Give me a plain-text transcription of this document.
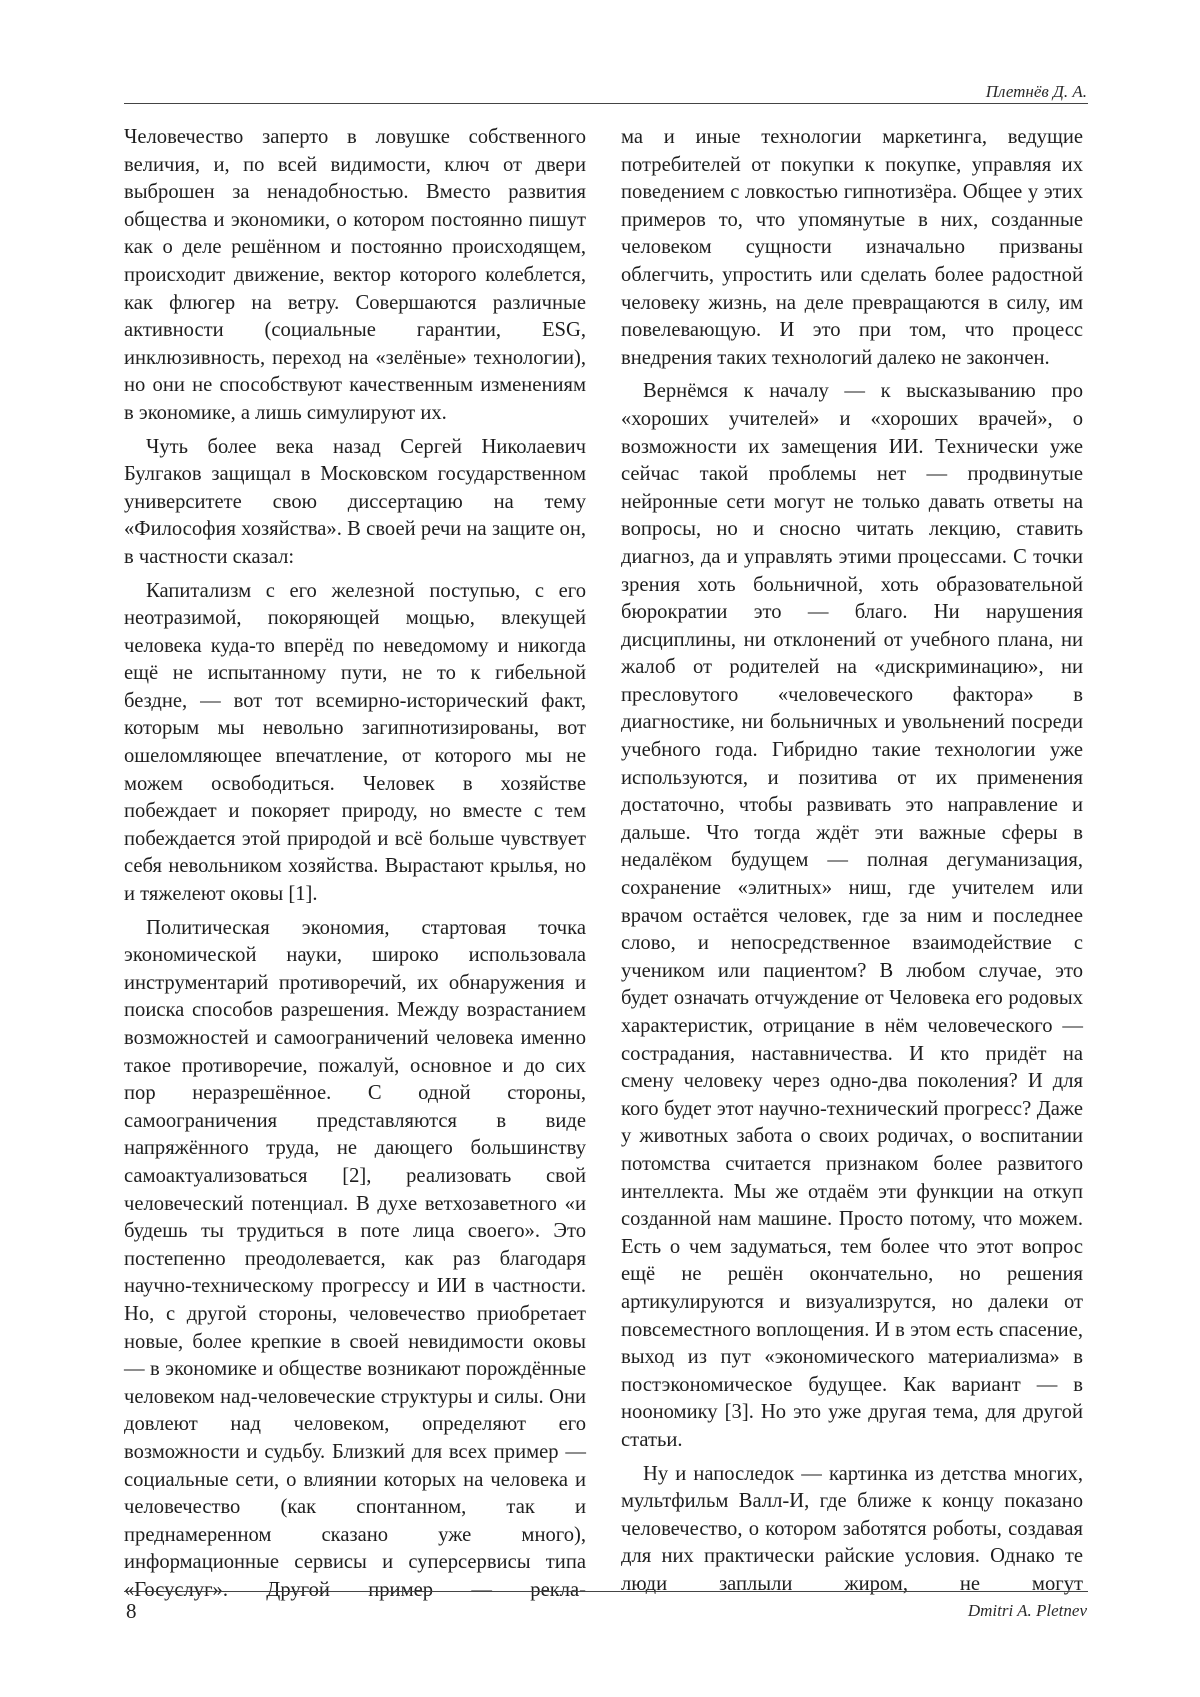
Плетнёв Д. А.

Человечество заперто в ловушке собственного величия, и, по всей видимости, ключ от двери выброшен за ненадобностью. Вместо развития общества и экономики, о котором постоянно пишут как о деле решённом и постоянно происходящем, происходит движение, вектор которого колеблется, как флюгер на ветру. Совершаются различные активности (социальные гарантии, ESG, инклюзивность, переход на «зелёные» технологии), но они не способствуют качественным изменениям в экономике, а лишь симулируют их.

Чуть более века назад Сергей Николаевич Булгаков защищал в Московском государственном университете свою диссертацию на тему «Философия хозяйства». В своей речи на защите он, в частности сказал:

Капитализм с его железной поступью, с его неотразимой, покоряющей мощью, влекущей человека куда-то вперёд по неведомому и никогда ещё не испытанному пути, не то к гибельной бездне, — вот тот всемирно-исторический факт, которым мы невольно загипнотизированы, вот ошеломляющее впечатление, от которого мы не можем освободиться. Человек в хозяйстве побеждает и покоряет природу, но вместе с тем побеждается этой природой и всё больше чувствует себя невольником хозяйства. Вырастают крылья, но и тяжелеют оковы [1].

Политическая экономия, стартовая точка экономической науки, широко использовала инструментарий противоречий, их обнаружения и поиска способов разрешения. Между возрастанием возможностей и самоограничений человека именно такое противоречие, пожалуй, основное и до сих пор неразрешённое. С одной стороны, самоограничения представляются в виде напряжённого труда, не дающего большинству самоактуализоваться [2], реализовать свой человеческий потенциал. В духе ветхозаветного «и будешь ты трудиться в поте лица своего». Это постепенно преодолевается, как раз благодаря научно-техническому прогрессу и ИИ в частности. Но, с другой стороны, человечество приобретает новые, более крепкие в своей невидимости оковы — в экономике и обществе возникают порождённые человеком над-человеческие структуры и силы. Они довлеют над человеком, определяют его возможности и судьбу. Близкий для всех пример — социальные сети, о влиянии которых на человека и человечество (как спонтанном, так и преднамеренном сказано уже много), информационные сервисы и суперсервисы типа «Госуслуг». Другой пример — рекла-

ма и иные технологии маркетинга, ведущие потребителей от покупки к покупке, управляя их поведением с ловкостью гипнотизёра. Общее у этих примеров то, что упомянутые в них, созданные человеком сущности изначально призваны облегчить, упростить или сделать более радостной человеку жизнь, на деле превращаются в силу, им повелевающую. И это при том, что процесс внедрения таких технологий далеко не закончен.

Вернёмся к началу — к высказыванию про «хороших учителей» и «хороших врачей», о возможности их замещения ИИ. Технически уже сейчас такой проблемы нет — продвинутые нейронные сети могут не только давать ответы на вопросы, но и сносно читать лекцию, ставить диагноз, да и управлять этими процессами. С точки зрения хоть больничной, хоть образовательной бюрократии это — благо. Ни нарушения дисциплины, ни отклонений от учебного плана, ни жалоб от родителей на «дискриминацию», ни пресловутого «человеческого фактора» в диагностике, ни больничных и увольнений посреди учебного года. Гибридно такие технологии уже используются, и позитива от их применения достаточно, чтобы развивать это направление и дальше. Что тогда ждёт эти важные сферы в недалёком будущем — полная дегуманизация, сохранение «элитных» ниш, где учителем или врачом остаётся человек, где за ним и последнее слово, и непосредственное взаимодействие с учеником или пациентом? В любом случае, это будет означать отчуждение от Человека его родовых характеристик, отрицание в нём человеческого — сострадания, наставничества. И кто придёт на смену человеку через одно-два поколения? И для кого будет этот научно-технический прогресс? Даже у животных забота о своих родичах, о воспитании потомства считается признаком более развитого интеллекта. Мы же отдаём эти функции на откуп созданной нам машине. Просто потому, что можем. Есть о чем задуматься, тем более что этот вопрос ещё не решён окончательно, но решения артикулируются и визуализрутся, но далеки от повсеместного воплощения. И в этом есть спасение, выход из пут «экономического материализма» в постэкономическое будущее. Как вариант — в ноономику [3]. Но это уже другая тема, для другой статьи.

Ну и напоследок — картинка из детства многих, мультфильм Валл-И, где ближе к концу показано человечество, о котором заботятся роботы, создавая для них практически райские условия. Однако те люди заплыли жиром, не могут

8	Dmitri A. Pletnev
